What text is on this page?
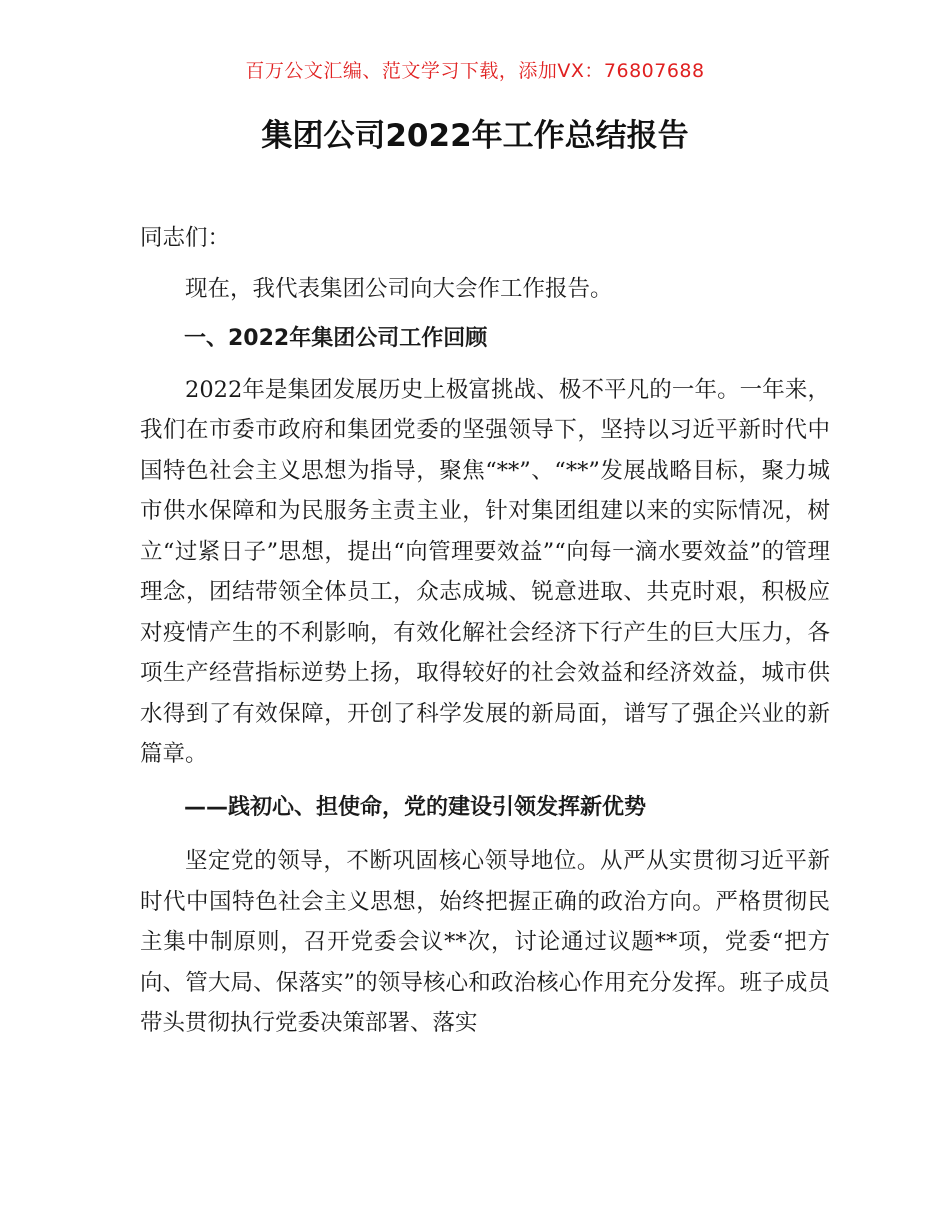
百万公文汇编、范文学习下载，添加VX：76807688
集团公司2022年工作总结报告

同志们：

现在，我代表集团公司向大会作工作报告。

一、2022年集团公司工作回顾

2022年是集团发展历史上极富挑战、极不平凡的一年。一年来，我们在市委市政府和集团党委的坚强领导下，坚持以习近平新时代中国特色社会主义思想为指导，聚焦“**”、“**”发展战略目标，聚力城市供水保障和为民服务主责主业，针对集团组建以来的实际情况，树立“过紧日子”思想，提出“向管理要效益”“向每一滴水要效益”的管理理念，团结带领全体员工，众志成城、锐意进取、共克时艰，积极应对疫情产生的不利影响，有效化解社会经济下行产生的巨大压力，各项生产经营指标逆势上扬，取得较好的社会效益和经济效益，城市供水得到了有效保障，开创了科学发展的新局面，谱写了强企兴业的新篇章。

——践初心、担使命，党的建设引领发挥新优势

坚定党的领导，不断巩固核心领导地位。从严从实贯彻习近平新时代中国特色社会主义思想，始终把握正确的政治方向。严格贯彻民主集中制原则，召开党委会议**次，讨论通过议题**项，党委“把方向、管大局、保落实”的领导核心和政治核心作用充分发挥。班子成员带头贯彻执行党委决策部署、落实
